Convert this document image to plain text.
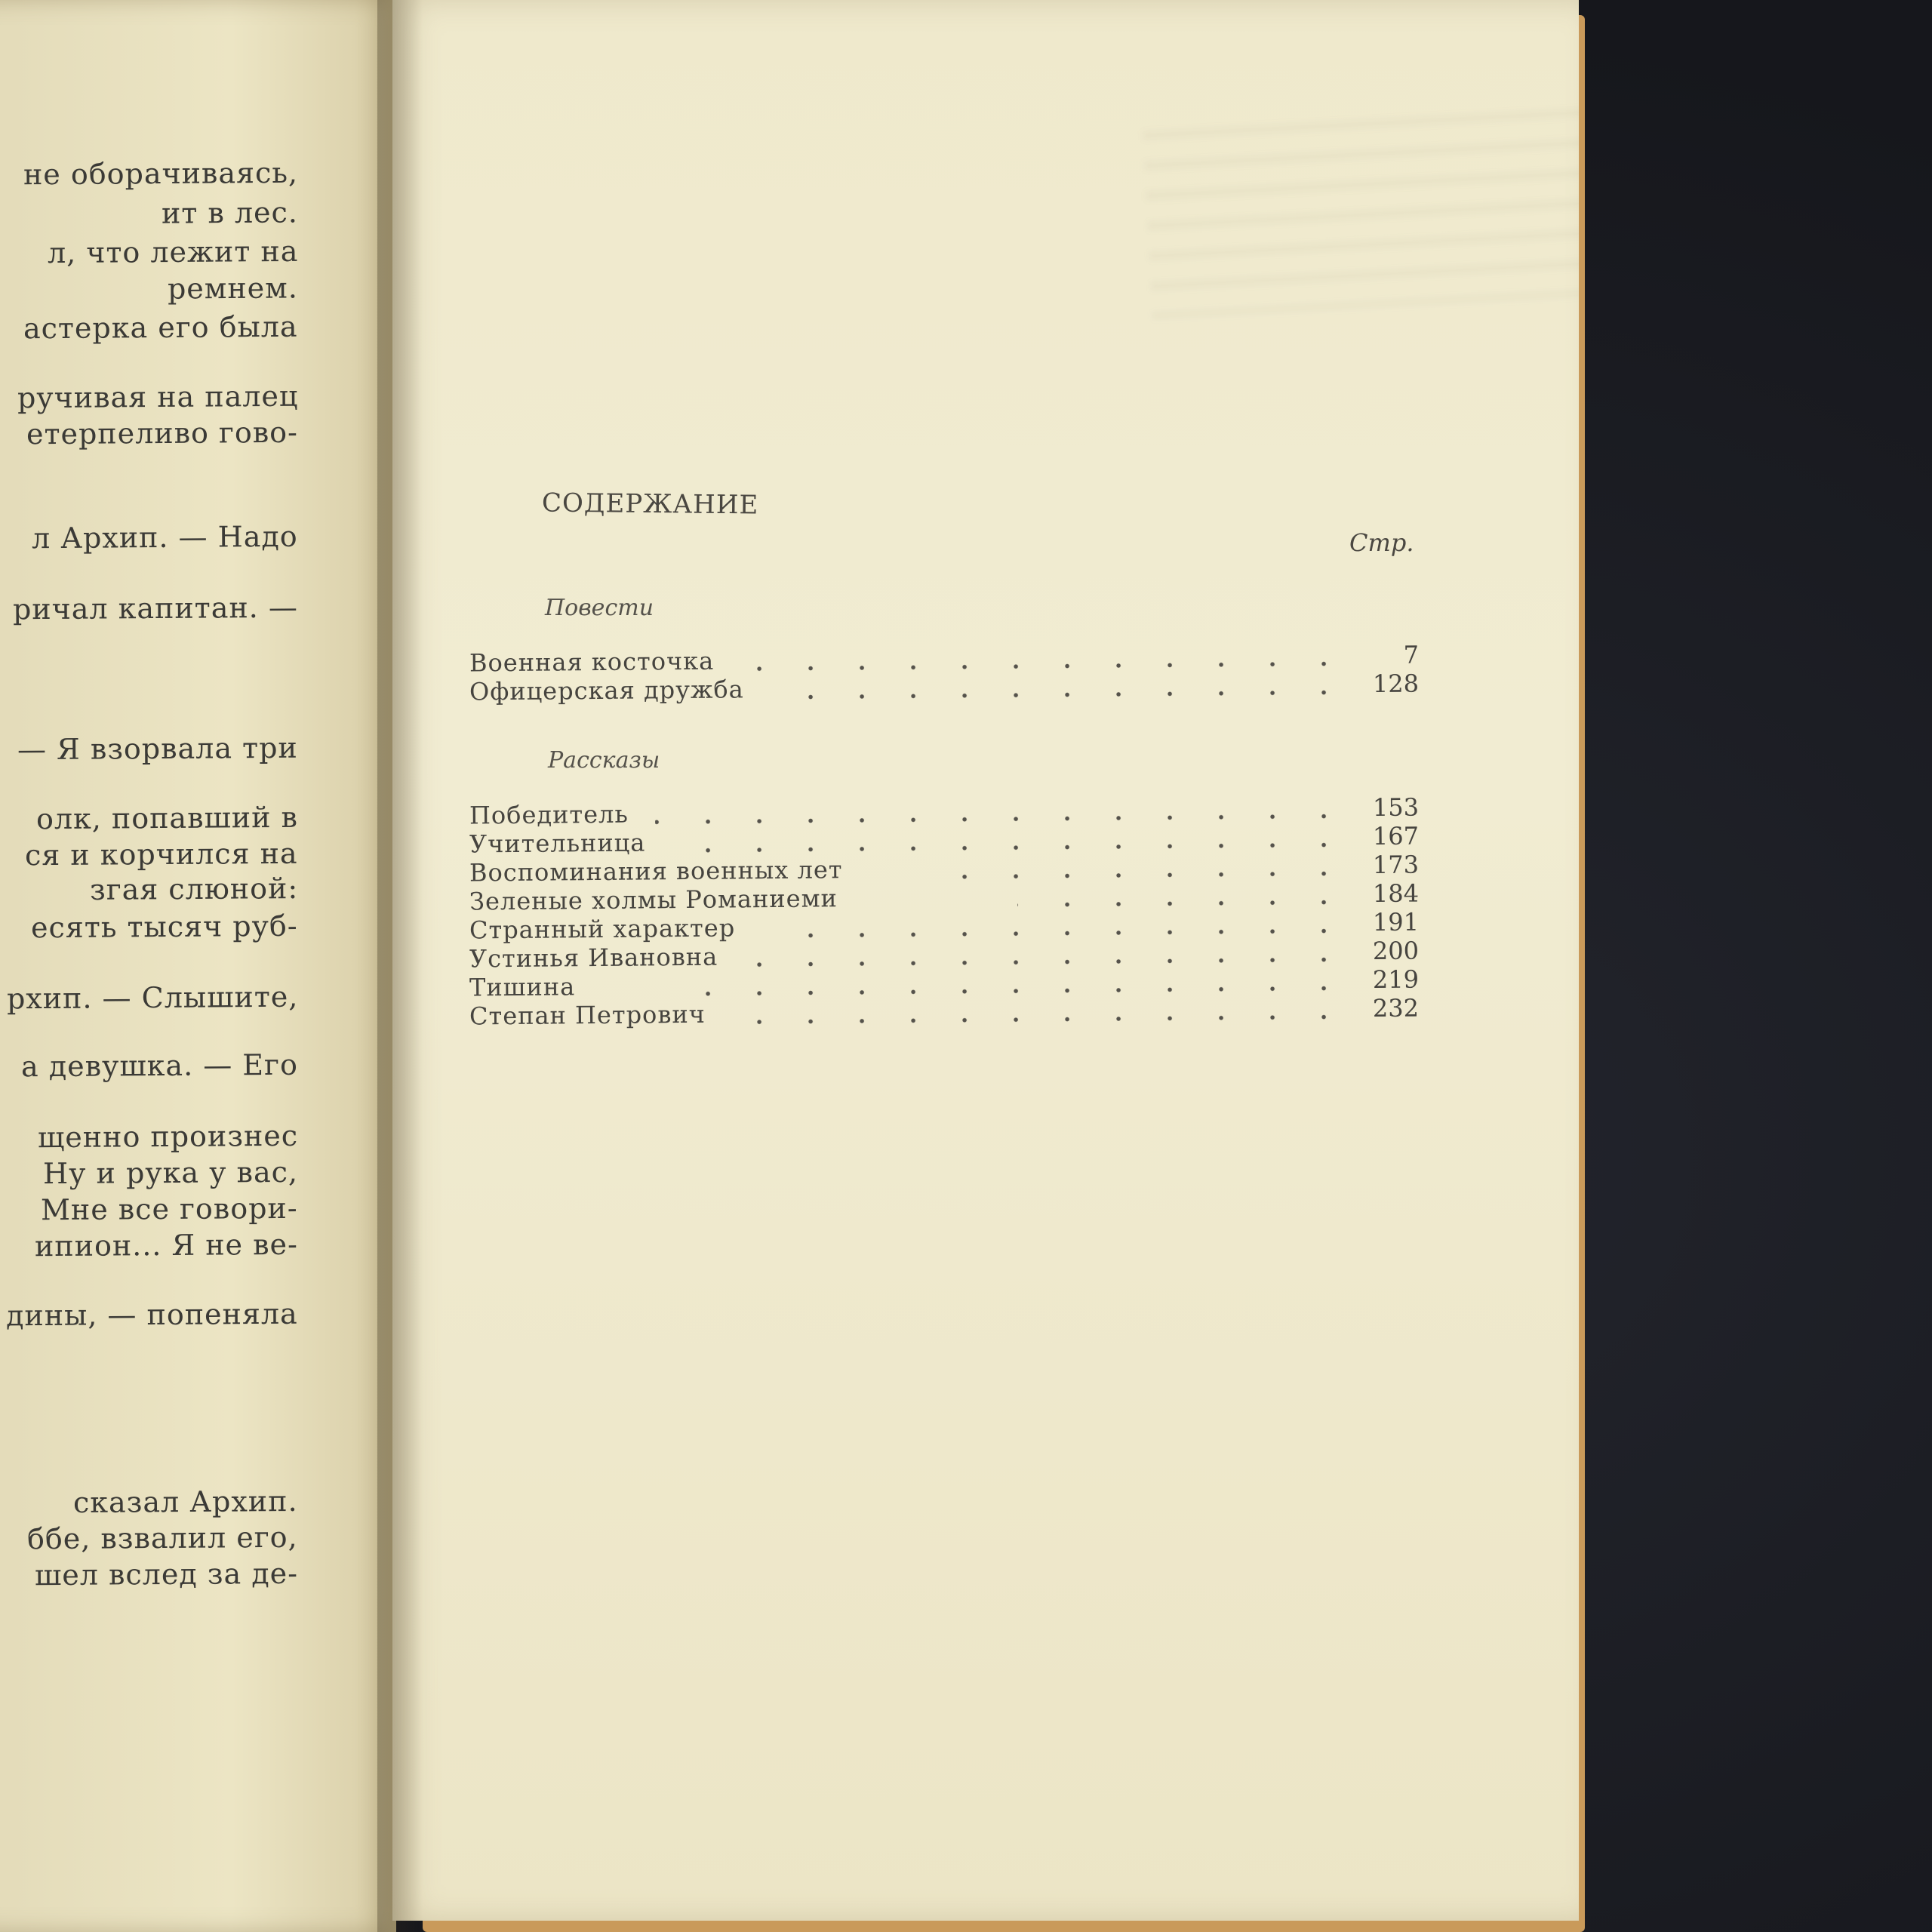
не оборачиваясь,
ит в лес.
л, что лежит на
ремнем.
астерка его была
ручивая на палец
етерпеливо гово-
л Архип. — Надо
ричал капитан. —
— Я взорвала три
олк, попавший в
ся и корчился на
згая слюной:
есять тысяч руб-
рхип. — Слышите,
а девушка. — Его
щенно произнес
Ну и рука у вас,
Мне все говори-
ипион... Я не ве-
дины, — попеняла
сказал Архип.
ббе, взвалил его,
шел вслед за де-
СОДЕРЖАНИЕ
Стр.
Повести
Военная косточка	7
Офицерская дружба	128
Рассказы
Победитель	153
Учительница	167
Воспоминания военных лет	173
Зеленые холмы Романиеми	184
Странный характер	191
Устинья Ивановна	200
Тишина	219
Степан Петрович	232
